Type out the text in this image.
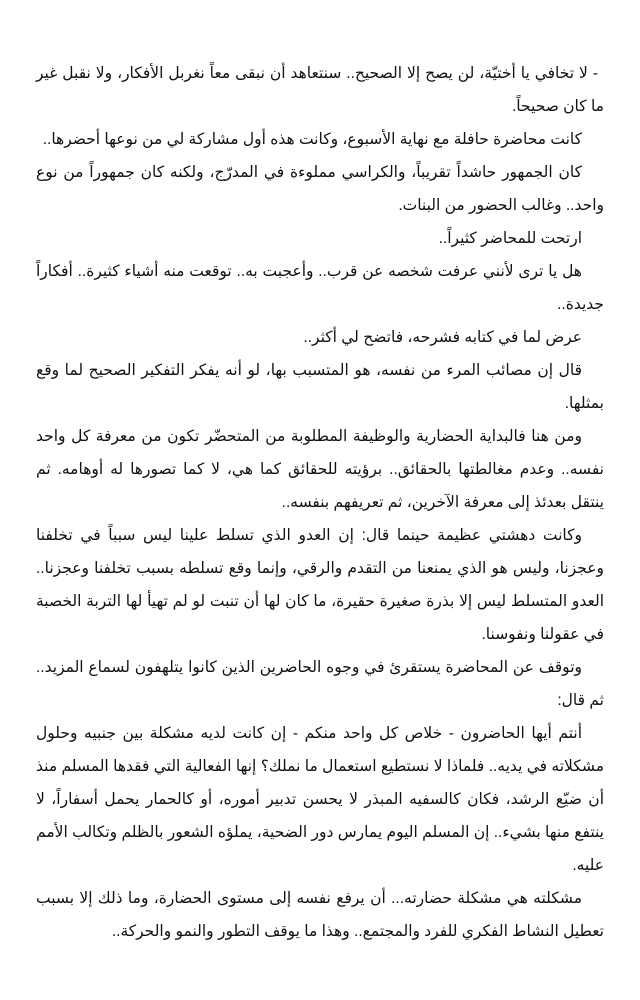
- لا تخافي يا أختيّة، لن يصح إلا الصحيح.. سنتعاهد أن نبقى معاً نغربل الأفكار، ولا نقبل غير ما كان صحيحاً.

كانت محاضرة حافلة مع نهاية الأسبوع، وكانت هذه أول مشاركة لي من نوعها أحضرها..

كان الجمهور حاشداً تقريباً، والكراسي مملوءة في المدرّج، ولكنه كان جمهوراً من نوع واحد.. وغالب الحضور من البنات.

ارتحت للمحاضر كثيراً..

هل يا ترى لأنني عرفت شخصه عن قرب.. وأعجبت به.. توقعت منه أشياء كثيرة.. أفكاراً جديدة..

عرض لما في كتابه فشرحه، فاتضح لي أكثر..

قال إن مصائب المرء من نفسه، هو المتسبب بها، لو أنه يفكر التفكير الصحيح لما وقع بمثلها.

ومن هنا فالبداية الحضارية والوظيفة المطلوبة من المتحضّر تكون من معرفة كل واحد نفسه.. وعدم مغالطتها بالحقائق.. برؤيته للحقائق كما هي، لا كما تصورها له أوهامه. ثم ينتقل بعدئذ إلى معرفة الآخرين، ثم تعريفهم بنفسه..

وكانت دهشتي عظيمة حينما قال: إن العدو الذي تسلط علينا ليس سبباً في تخلفنا وعجزنا، وليس هو الذي يمنعنا من التقدم والرقي، وإنما وقع تسلطه بسبب تخلفنا وعجزنا.. العدو المتسلط ليس إلا بذرة صغيرة حقيرة، ما كان لها أن تنبت لو لم تهيأ لها التربة الخصبة في عقولنا ونفوسنا.

وتوقف عن المحاضرة يستقرئ في وجوه الحاضرين الذين كانوا يتلهفون لسماع المزيد.. ثم قال:

أنتم أيها الحاضرون - خلاص كل واحد منكم - إن كانت لديه مشكلة بين جنبيه وحلول مشكلاته في يديه.. فلماذا لا نستطيع استعمال ما نملك؟ إنها الفعالية التي فقدها المسلم منذ أن ضيّع الرشد، فكان كالسفيه المبذر لا يحسن تدبير أموره، أو كالحمار يحمل أسفاراً، لا ينتفع منها بشيء.. إن المسلم اليوم يمارس دور الضحية، يملؤه الشعور بالظلم وتكالب الأمم عليه.

مشكلته هي مشكلة حضارته... أن يرفع نفسه إلى مستوى الحضارة، وما ذلك إلا بسبب تعطيل النشاط الفكري للفرد والمجتمع.. وهذا ما يوقف التطور والنمو والحركة..
